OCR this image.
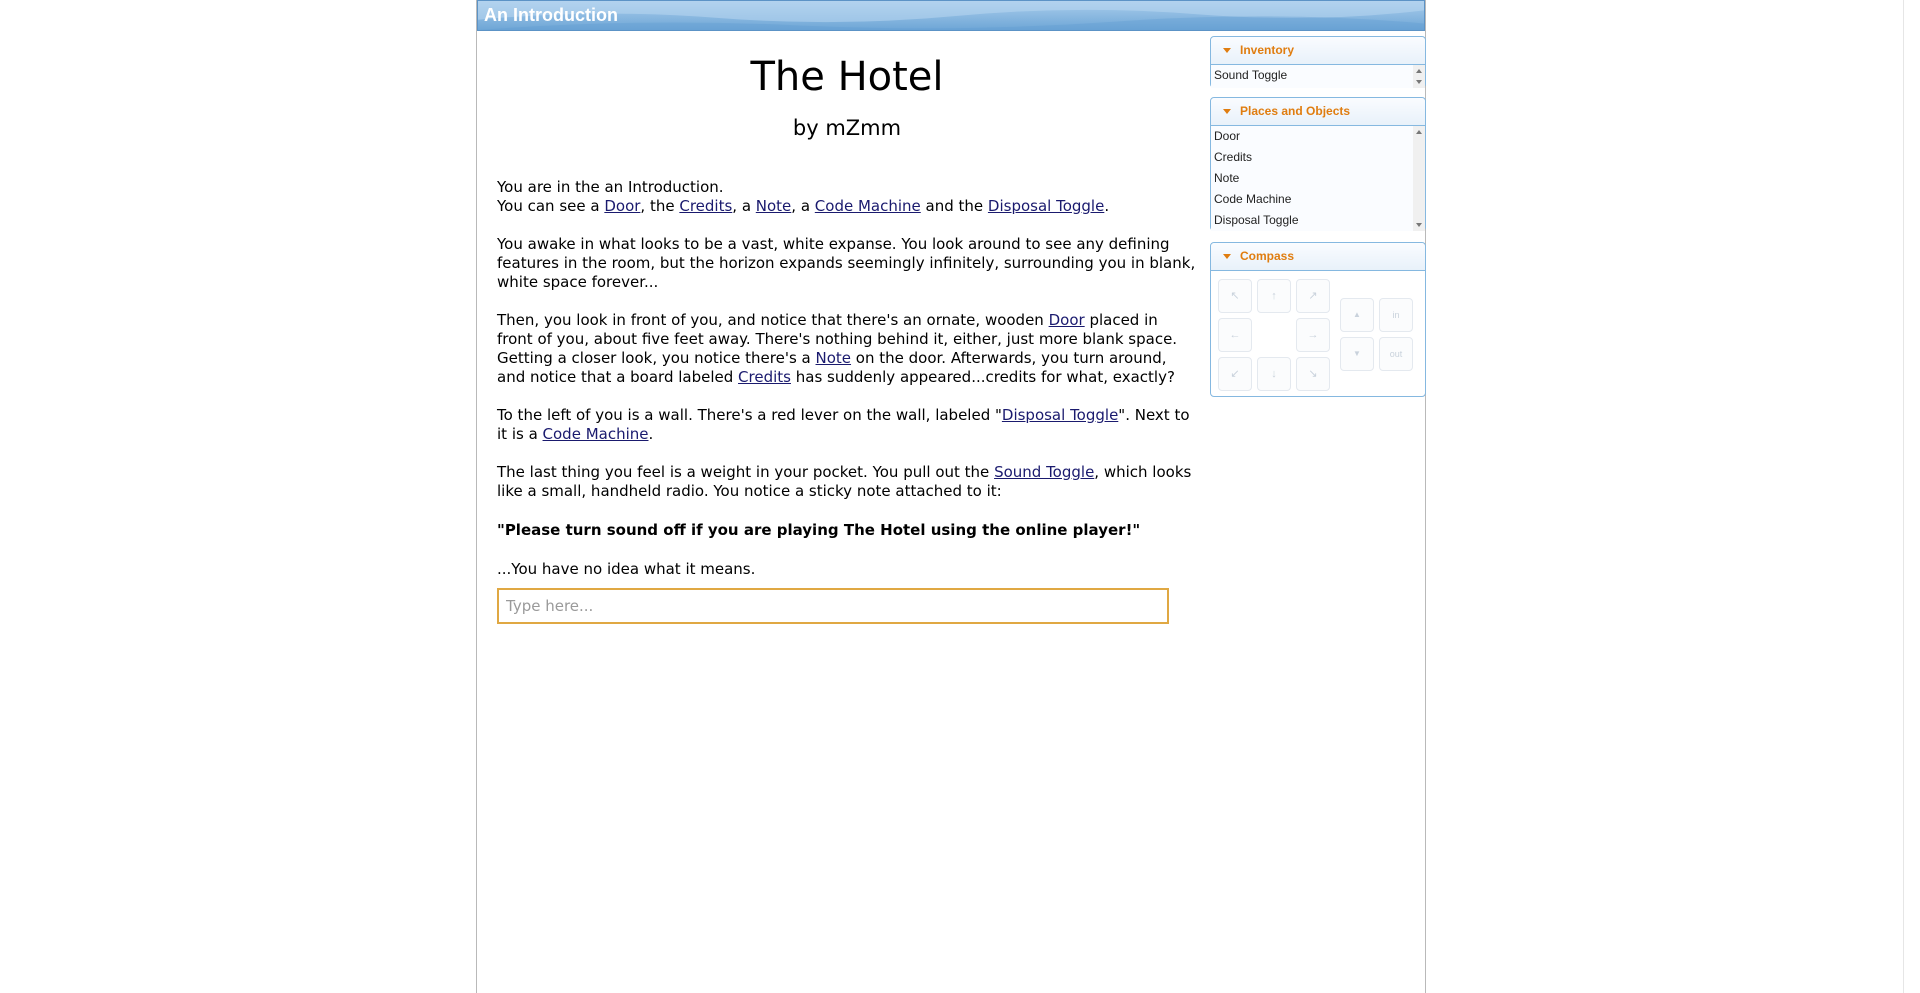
An Introduction
The Hotel
by mZmm

You are in the an Introduction.

You can see a Door, the Credits, a Note, a Code Machine and the Disposal Toggle.

You awake in what looks to be a vast, white expanse. You look around to see any defining features in the room, but the horizon expands seemingly infinitely, surrounding you in blank, white space forever...

Then, you look in front of you, and notice that there's an ornate, wooden Door placed in front of you, about five feet away. There's nothing behind it, either, just more blank space. Getting a closer look, you notice there's a Note on the door. Afterwards, you turn around, and notice that a board labeled Credits has suddenly appeared...credits for what, exactly?

To the left of you is a wall. There's a red lever on the wall, labeled "Disposal Toggle". Next to it is a Code Machine.

The last thing you feel is a weight in your pocket. You pull out the Sound Toggle, which looks like a small, handheld radio. You notice a sticky note attached to it:

"Please turn sound off if you are playing The Hotel using the online player!"

...You have no idea what it means.

Type here...
Inventory
Sound Toggle
Places and Objects
Door
Credits
Note
Code Machine
Disposal Toggle
Compass
↖	↑	↗
←	→
↙	↓	↘
▲	in
▼	out
